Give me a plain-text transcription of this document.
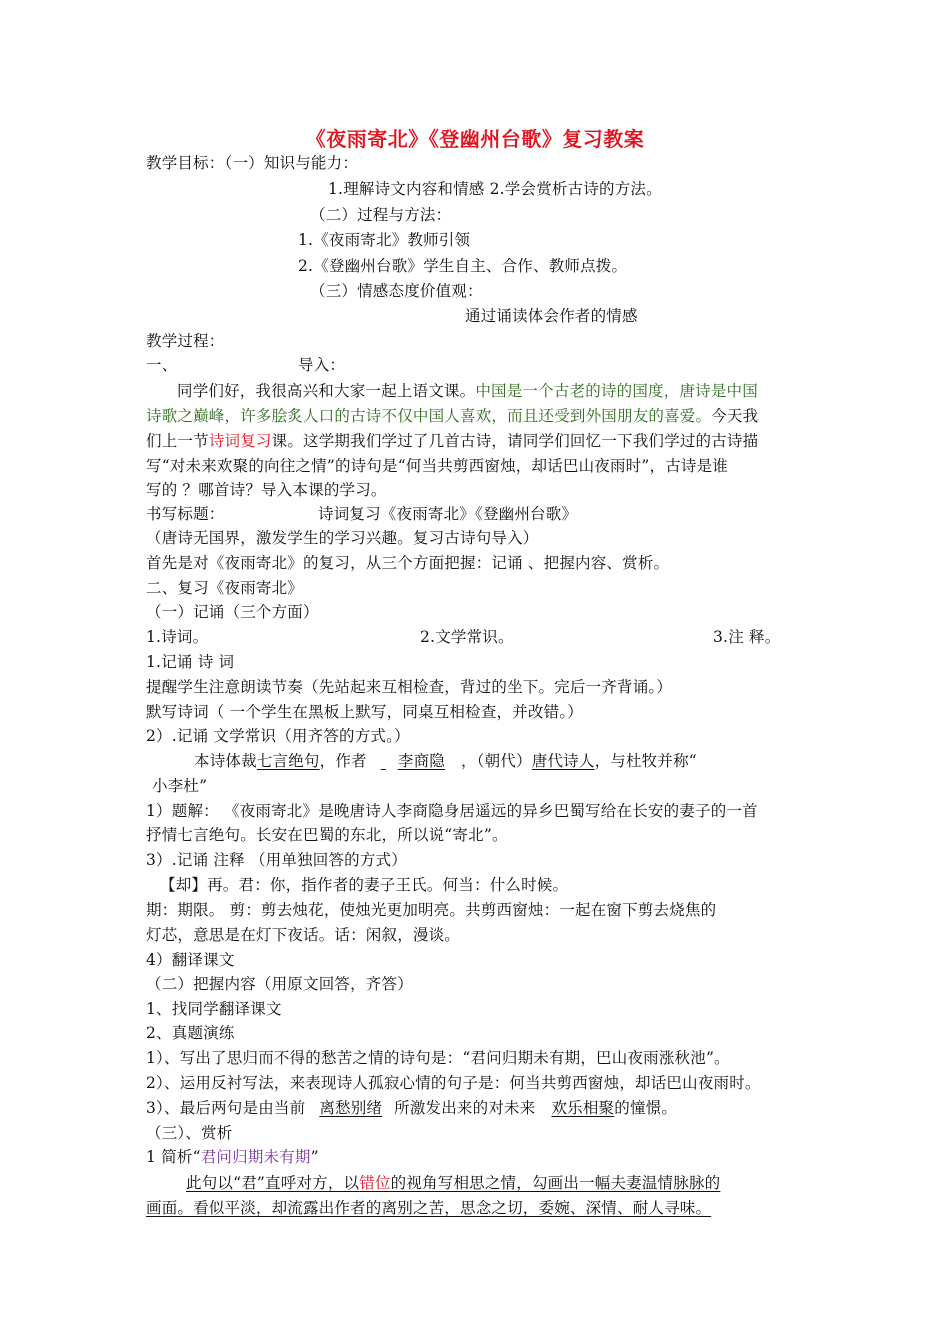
《夜雨寄北》《登幽州台歌》复习教案
教学目标：（一）知识与能力：
1.理解诗文内容和情感 2.学会赏析古诗的方法。
（二）过程与方法：
1.《夜雨寄北》教师引领
2.《登幽州台歌》学生自主、合作、教师点拨。
（三）情感态度价值观：
通过诵读体会作者的情感
教学过程：
一、	导入：
同学们好，我很高兴和大家一起上语文课。中国是一个古老的诗的国度，唐诗是中国
诗歌之巅峰，许多脍炙人口的古诗不仅中国人喜欢，而且还受到外国朋友的喜爱。今天我
们上一节诗词复习课。这学期我们学过了几首古诗，请同学们回忆一下我们学过的古诗描
写“对未来欢聚的向往之情”的诗句是“何当共剪西窗烛，却话巴山夜雨时”，古诗是谁
写的 ？哪首诗？导入本课的学习。
书写标题：	诗词复习《夜雨寄北》《登幽州台歌》
（唐诗无国界，激发学生的学习兴趣。复习古诗句导入）
首先是对《夜雨寄北》的复习，从三个方面把握：记诵 、把握内容、赏析。
二、复习《夜雨寄北》
（一）记诵（三个方面）
1.诗词。	2.文学常识。	3.注 释。
1.记诵 诗 词
提醒学生注意朗读节奏（先站起来互相检查，背过的坐下。完后一齐背诵。）
默写诗词（ 一个学生在黑板上默写，同桌互相检查，并改错。）
2）.记诵 文学常识（用齐答的方式。）
本诗体裁七言绝句，作者 李商隐 ，（朝代）唐代诗人，与杜牧并称“
小李杜”
1）题解： 《夜雨寄北》是晚唐诗人李商隐身居遥远的异乡巴蜀写给在长安的妻子的一首
抒情七言绝句。长安在巴蜀的东北，所以说“寄北”。
3）.记诵 注释 （用单独回答的方式）
【却】再。君：你，指作者的妻子王氏。何当：什么时候。
期：期限。 剪：剪去烛花，使烛光更加明亮。共剪西窗烛：一起在窗下剪去烧焦的
灯芯，意思是在灯下夜话。话：闲叙，漫谈。
4）翻译课文
（二）把握内容（用原文回答，齐答）
1、找同学翻译课文
2、真题演练
1）、写出了思归而不得的愁苦之情的诗句是：“君问归期未有期，巴山夜雨涨秋池”。
2）、运用反衬写法，来表现诗人孤寂心情的句子是：何当共剪西窗烛，却话巴山夜雨时。
3）、最后两句是由当前 离愁别绪 所激发出来的对未来 欢乐相聚的憧憬。
（三）、赏析
1 简析“君问归期未有期”
此句以“君”直呼对方，以错位的视角写相思之情，勾画出一幅夫妻温情脉脉的
画面。看似平淡，却流露出作者的离别之苦，思念之切，委婉、深情、耐人寻味。
